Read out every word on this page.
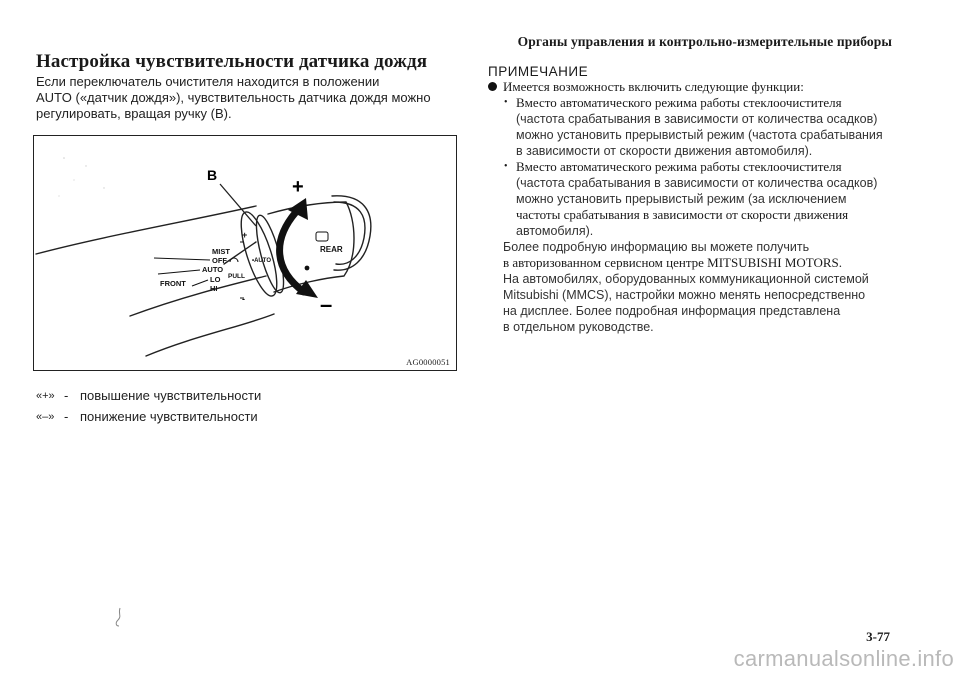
Органы управления и контрольно-измерительные приборы
Настройка чувствительности датчика дождя
Если переключатель очистителя находится в положении
AUTO («датчик дождя»), чувствительность датчика дождя можно
регулировать, вращая ручку (B).
B
+
–
MIST
OFF
AUTO
LO
HI
PULL
FRONT
•AUTO
REAR
+
-
AG0000051
«+» - повышение чувствительности
«–» - понижение чувствительности
ПРИМЕЧАНИЕ
Имеется возможность включить следующие функции:
• Вместо автоматического режима работы стеклоочистителя
(частота срабатывания в зависимости от количества осадков)
можно установить прерывистый режим (частота срабатывания
в зависимости от скорости движения автомобиля).
• Вместо автоматического режима работы стеклоочистителя
(частота срабатывания в зависимости от количества осадков)
можно установить прерывистый режим (за исключением
частоты срабатывания в зависимости от скорости движения
автомобиля).
Более подробную информацию вы можете получить
в авторизованном сервисном центре MITSUBISHI MOTORS.
На автомобилях, оборудованных коммуникационной системой
Mitsubishi (MMCS), настройки можно менять непосредственно
на дисплее. Более подробная информация представлена
в отдельном руководстве.
3-77
carmanualsonline.info
